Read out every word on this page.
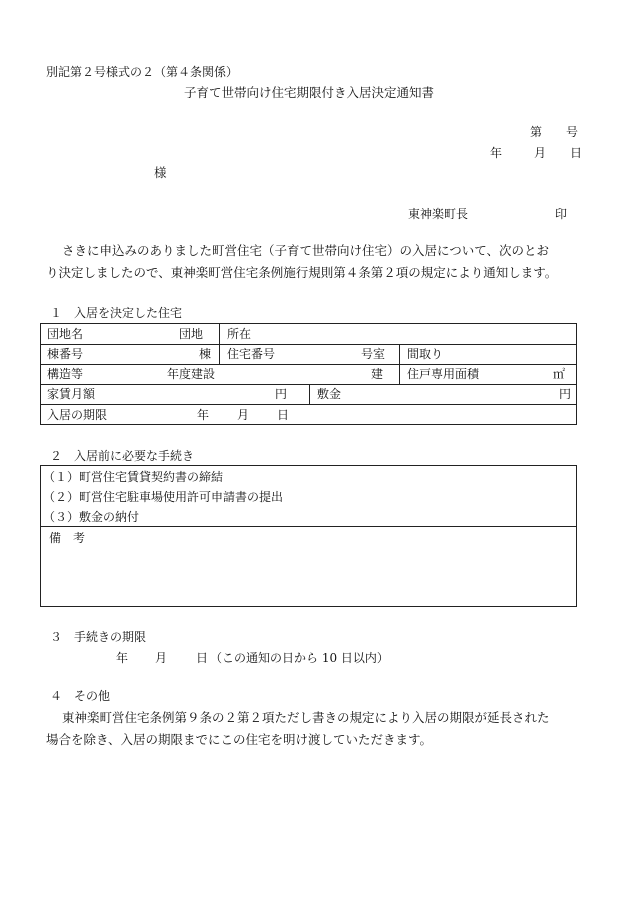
別記第２号様式の２（第４条関係）
子育て世帯向け住宅期限付き入居決定通知書
第　　号
年	月 日
様
東神楽町長	印
さきに申込みのありました町営住宅（子育て世帯向け住宅）の入居について、次のとお
り決定しましたので、東神楽町営住宅条例施行規則第４条第２項の規定により通知します。
１　入居を決定した住宅
団地名	団地 所在
棟番号	棟 住宅番号	号室 間取り
構造等	年度建設	建 住戸専用面積	㎡
家賃月額	円 敷金	円
入居の期限	年 月 日
２　入居前に必要な手続き
（１）町営住宅賃貸契約書の締結
（２）町営住宅駐車場使用許可申請書の提出
（３）敷金の納付
備　考
３　手続きの期限
年 月 日 （この通知の日から 10 日以内）
４　その他
東神楽町営住宅条例第９条の２第２項ただし書きの規定により入居の期限が延長された
場合を除き、入居の期限までにこの住宅を明け渡していただきます。
